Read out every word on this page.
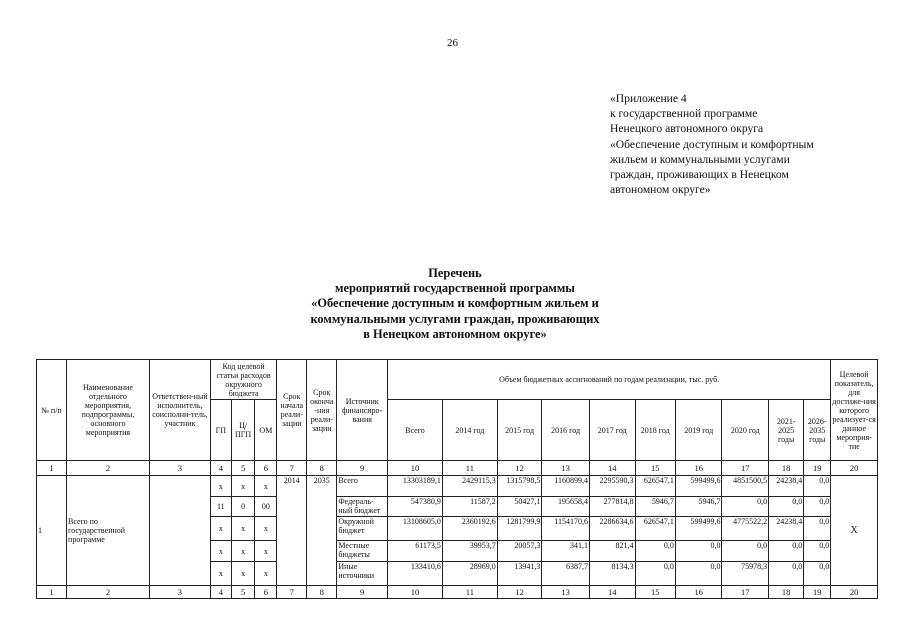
26
«Приложение 4
к государственной программе
Ненецкого автономного округа
«Обеспечение доступным и комфортным
жильем и коммунальными услугами
граждан, проживающих в Ненецком
автономном округе»
Перечень
мероприятий государственной программы
«Обеспечение доступным и комфортным жильем и
коммунальными услугами граждан, проживающих
в Ненецком автономном округе»
№ п/п	Наименование отдельного мероприятия, подпрограммы, основного мероприятия	Ответствен-ный исполнитель, соисполни-тель, участник	Код целевой статьи расходов окружного бюджета			Срок начала реали-зации	Срок оконча -ния реали-зации	Источник финансиро-вания	Объем бюджетных ассигнований по годам реализации, тыс. руб.										Целевой показатель, для достиже-ния которого реализует-ся данное мероприя-тие
			ГП	Ц/ ПГП	ОМ				Всего	2014 год	2015 год	2016 год	2017 год	2018 год	2019 год	2020 год	2021-2025 годы	2026-2035 годы	
1	2	3	4	5	6	7	8	9	10	11	12	13	14	15	16	17	18	19	20
1	Всего по государственной программе		x	x	x	2014	2035	Всего	13303189,1	2429115,3	1315798,5	1160899,4	2295590,3	626547,1	599499,6	4851500,5	24238,4	0,0	X
			11	0	00			Федераль-ный бюджет	547380,9	11587,2	50427,1	195658,4	277814,8	5946,7	5946,7	0,0	0,0	0,0	
			x	x	x			Окружной бюджет	13108605,0	2360192,6	1281799,9	1154170,6	2286634,6	626547,1	599499,6	4775522,2	24238,4	0,0	
			x	x	x			Местные бюджеты	61173,5	39953,7	20057,3	341,1	821,4	0,0	0,0	0,0	0,0	0,0	
			x	x	x			Иные источники	133410,6	28969,0	13941,3	6387,7	8134,3	0,0	0,0	75978,3	0,0	0,0	
1	2	3	4	5	6	7	8	9	10	11	12	13	14	15	16	17	18	19	20
